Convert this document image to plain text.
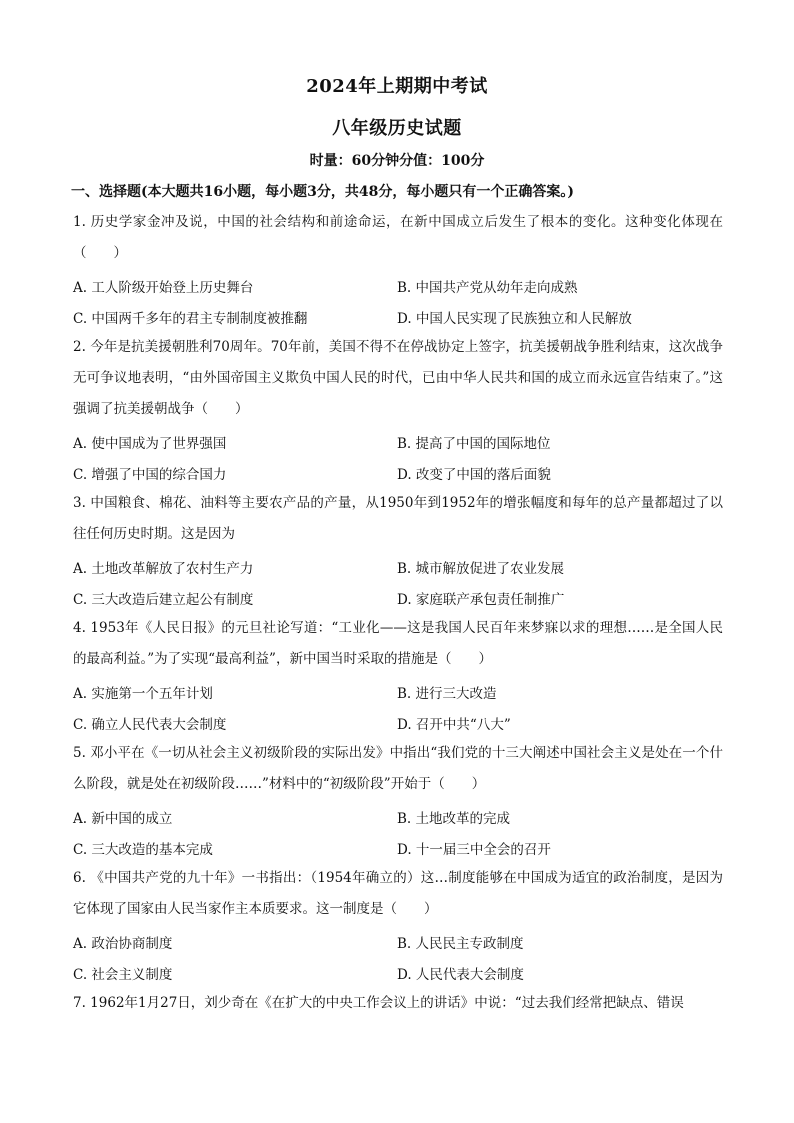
2024年上期期中考试
八年级历史试题
时量：60分钟分值：100分
一、选择题(本大题共16小题，每小题3分，共48分，每小题只有一个正确答案。)
1. 历史学家金冲及说，中国的社会结构和前途命运，在新中国成立后发生了根本的变化。这种变化体现在（　　）
A. 工人阶级开始登上历史舞台	B. 中国共产党从幼年走向成熟
C. 中国两千多年的君主专制制度被推翻	D. 中国人民实现了民族独立和人民解放
2. 今年是抗美援朝胜利70周年。70年前，美国不得不在停战协定上签字，抗美援朝战争胜利结束，这次战争无可争议地表明，“由外国帝国主义欺负中国人民的时代，已由中华人民共和国的成立而永远宣告结束了。”这强调了抗美援朝战争（　　）
A. 使中国成为了世界强国	B. 提高了中国的国际地位
C. 增强了中国的综合国力	D. 改变了中国的落后面貌
3. 中国粮食、棉花、油料等主要农产品的产量，从1950年到1952年的增张幅度和每年的总产量都超过了以往任何历史时期。这是因为
A. 土地改革解放了农村生产力	B. 城市解放促进了农业发展
C. 三大改造后建立起公有制度	D. 家庭联产承包责任制推广
4. 1953年《人民日报》的元旦社论写道：“工业化——这是我国人民百年来梦寐以求的理想……是全国人民的最高利益。”为了实现“最高利益”，新中国当时采取的措施是（　　）
A. 实施第一个五年计划	B. 进行三大改造
C. 确立人民代表大会制度	D. 召开中共“八大”
5. 邓小平在《一切从社会主义初级阶段的实际出发》中指出“我们党的十三大阐述中国社会主义是处在一个什么阶段，就是处在初级阶段……”材料中的“初级阶段”开始于（　　）
A. 新中国的成立	B. 土地改革的完成
C. 三大改造的基本完成	D. 十一届三中全会的召开
6. 《中国共产党的九十年》一书指出：（1954年确立的）这…制度能够在中国成为适宜的政治制度，是因为它体现了国家由人民当家作主本质要求。这一制度是（　　）
A. 政治协商制度	B. 人民民主专政制度
C. 社会主义制度	D. 人民代表大会制度
7. 1962年1月27日，刘少奇在《在扩大的中央工作会议上的讲话》中说：“过去我们经常把缺点、错误
